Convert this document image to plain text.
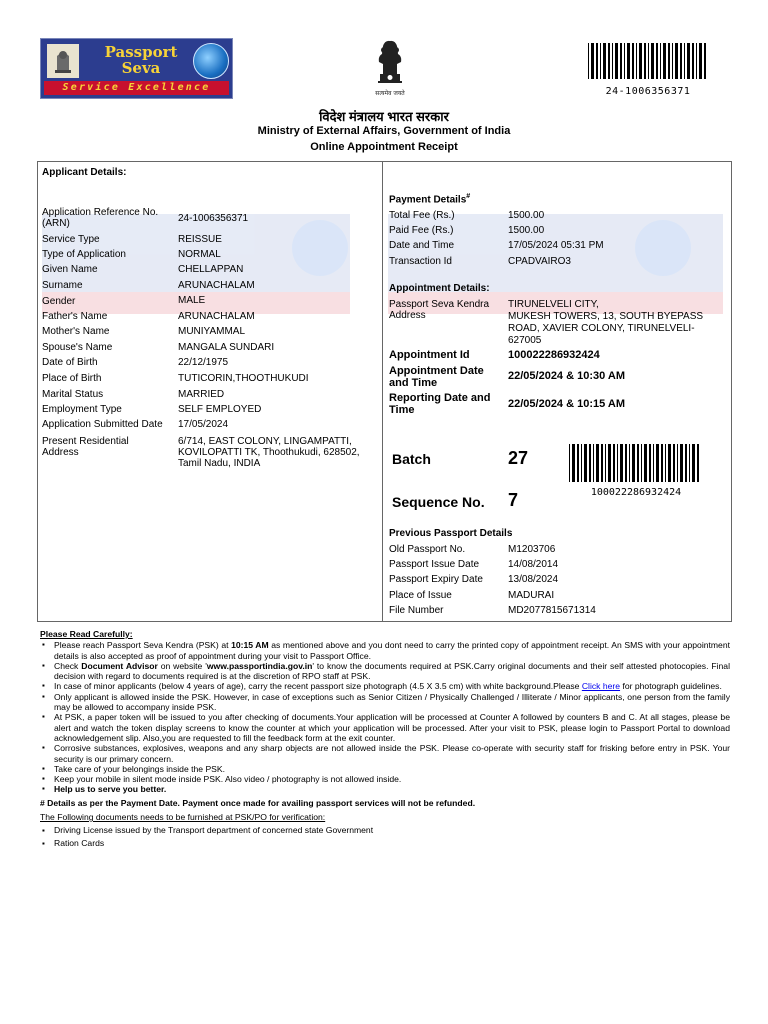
Passport Seva
Service Excellence
सत्यमेव जयते
विदेश मंत्रालय भारत सरकार
Ministry of External Affairs, Government of India
Online Appointment Receipt
24-1006356371
Applicant Details:
Application Reference No. (ARN)	24-1006356371
Service Type	REISSUE
Type of Application	NORMAL
Given Name	CHELLAPPAN
Surname	ARUNACHALAM
Gender	MALE
Father's Name	ARUNACHALAM
Mother's Name	MUNIYAMMAL
Spouse's Name	MANGALA SUNDARI
Date of Birth	22/12/1975
Place of Birth	TUTICORIN,THOOTHUKUDI
Marital Status	MARRIED
Employment Type	SELF EMPLOYED
Application Submitted Date 17/05/2024
Present Residential Address
6/714, EAST COLONY, LINGAMPATTI,
KOVILOPATTI TK, Thoothukudi, 628502,
Tamil Nadu, INDIA
Payment Details#
Total Fee (Rs.)	1500.00
Paid Fee (Rs.)	1500.00
Date and Time	17/05/2024 05:31 PM
Transaction Id	CPADVAIRO3
Appointment Details:
Passport Seva Kendra Address
TIRUNELVELI CITY,
MUKESH TOWERS, 13, SOUTH BYEPASS
ROAD, XAVIER COLONY, TIRUNELVELI-
627005
Appointment Id	100022286932424
Appointment Date and Time
22/05/2024 & 10:30 AM
Reporting Date and Time	22/05/2024 & 10:15 AM
Batch	27
100022286932424
Sequence No. 7
Previous Passport Details
Old Passport No.	M1203706
Passport Issue Date	14/08/2014
Passport Expiry Date	13/08/2024
Place of Issue	MADURAI
File Number	MD2077815671314
Please Read Carefully:
▪ Please reach Passport Seva Kendra (PSK) at 10:15 AM as mentioned above and you dont need to carry the printed copy of appointment receipt. An SMS with your appointment details is also accepted as proof of appointment during your visit to Passport Office.
▪ Check Document Advisor on website 'www.passportindia.gov.in' to know the documents required at PSK.Carry original documents and their self attested photocopies. Final decision with regard to documents required is at the discretion of RPO staff at PSK.
▪ In case of minor applicants (below 4 years of age), carry the recent passport size photograph (4.5 X 3.5 cm) with white background.Please Click here for photograph guidelines.
▪ Only applicant is allowed inside the PSK. However, in case of exceptions such as Senior Citizen / Physically Challenged / Illiterate / Minor applicants, one person from the family may be allowed to accompany inside PSK.
▪ At PSK, a paper token will be issued to you after checking of documents.Your application will be processed at Counter A followed by counters B and C. At all stages, please be alert and watch the token display screens to know the counter at which your application will be processed. After your visit to PSK, please login to Passport Portal to download acknowledgement slip. Also,you are requested to fill the feedback form at the exit counter.
▪ Corrosive substances, explosives, weapons and any sharp objects are not allowed inside the PSK. Please co-operate with security staff for frisking before entry in PSK. Your security is our primary concern.
▪ Take care of your belongings inside the PSK.
▪ Keep your mobile in silent mode inside PSK. Also video / photography is not allowed inside.
▪ Help us to serve you better.
# Details as per the Payment Date. Payment once made for availing passport services will not be refunded.
The Following documents needs to be furnished at PSK/PO for verification:
▪ Driving License issued by the Transport department of concerned state Government
▪ Ration Cards
